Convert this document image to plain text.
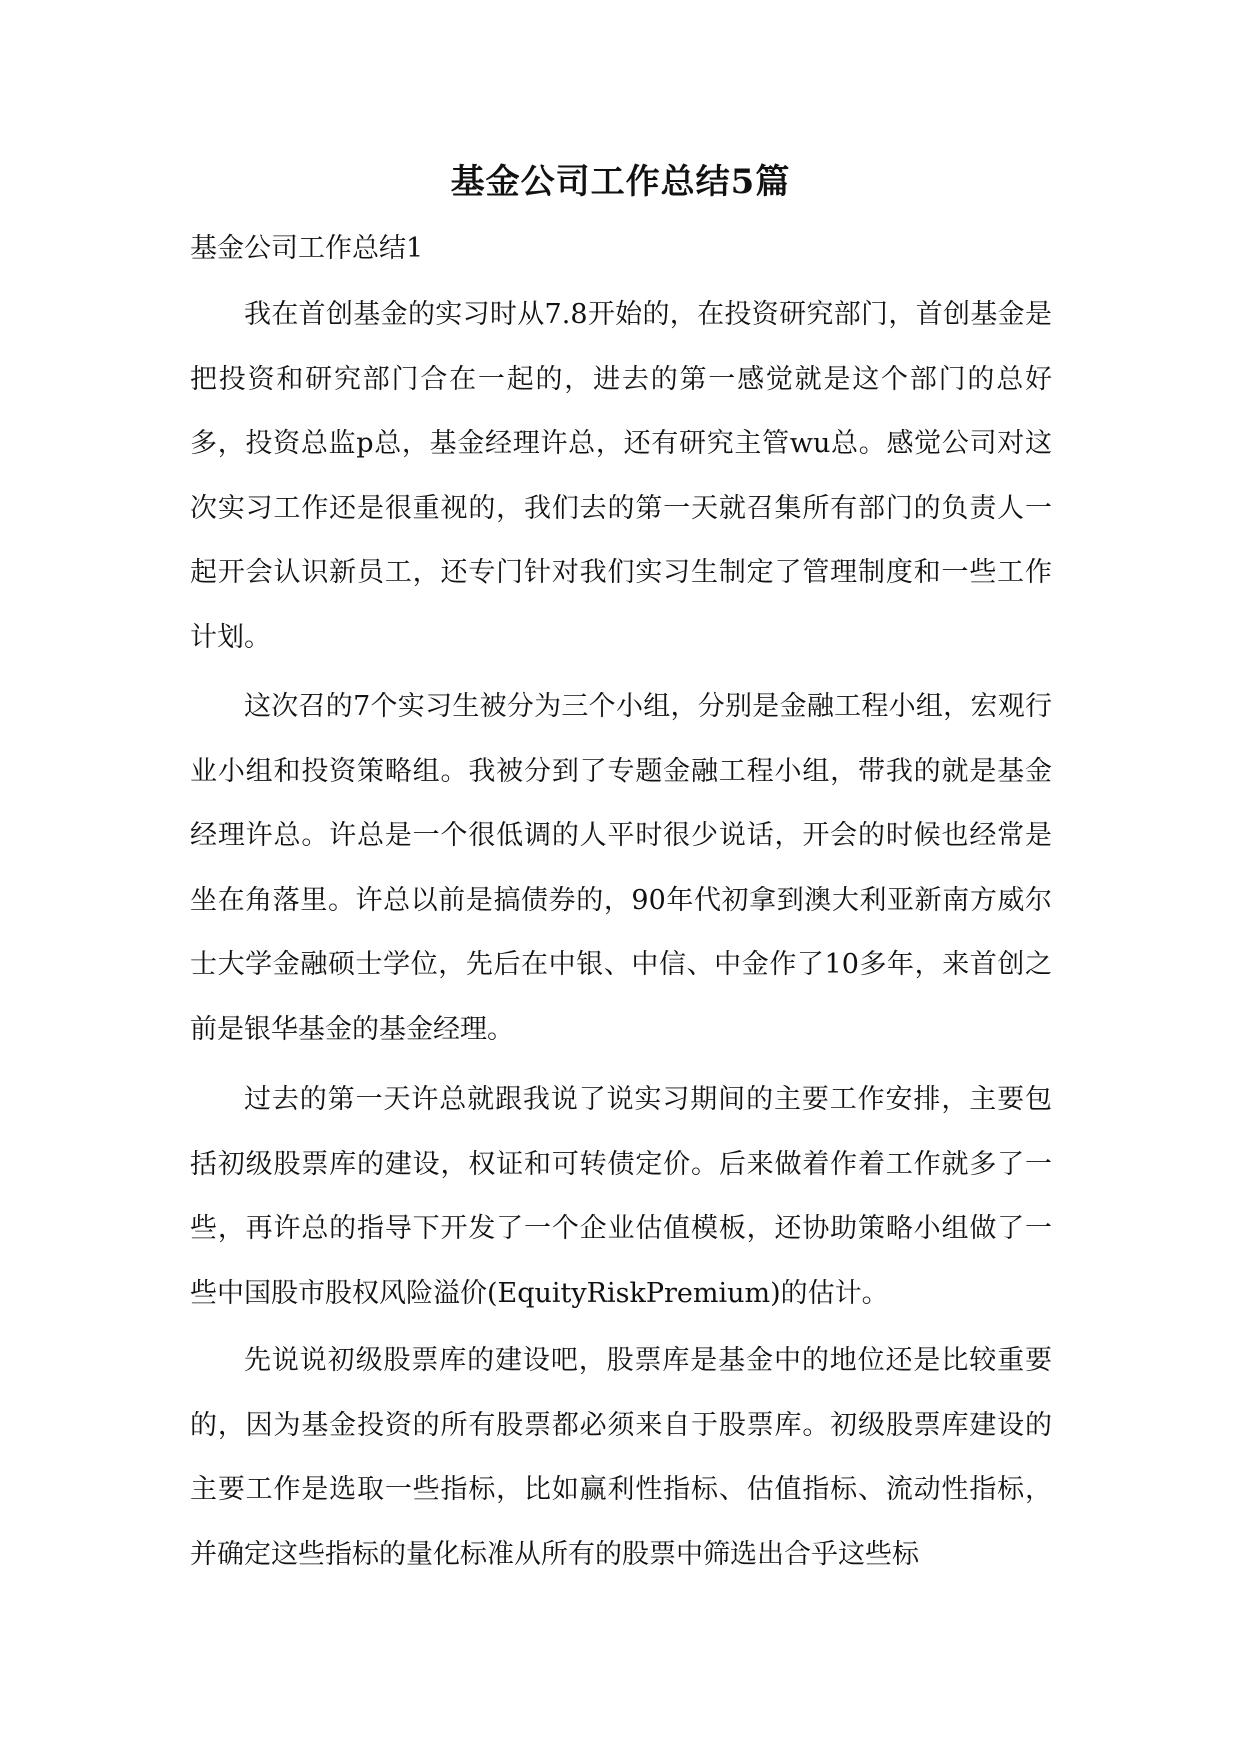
基金公司工作总结5篇

基金公司工作总结1

我在首创基金的实习时从7.8开始的，在投资研究部门，首创基金是把投资和研究部门合在一起的，进去的第一感觉就是这个部门的总好多，投资总监p总，基金经理许总，还有研究主管wu总。感觉公司对这次实习工作还是很重视的，我们去的第一天就召集所有部门的负责人一起开会认识新员工，还专门针对我们实习生制定了管理制度和一些工作计划。

这次召的7个实习生被分为三个小组，分别是金融工程小组，宏观行业小组和投资策略组。我被分到了专题金融工程小组，带我的就是基金经理许总。许总是一个很低调的人平时很少说话，开会的时候也经常是坐在角落里。许总以前是搞债券的，90年代初拿到澳大利亚新南方威尔士大学金融硕士学位，先后在中银、中信、中金作了10多年，来首创之前是银华基金的基金经理。

过去的第一天许总就跟我说了说实习期间的主要工作安排，主要包括初级股票库的建设，权证和可转债定价。后来做着作着工作就多了一些，再许总的指导下开发了一个企业估值模板，还协助策略小组做了一些中国股市股权风险溢价(EquityRiskPremium)的估计。

先说说初级股票库的建设吧，股票库是基金中的地位还是比较重要的，因为基金投资的所有股票都必须来自于股票库。初级股票库建设的主要工作是选取一些指标，比如赢利性指标、估值指标、流动性指标，并确定这些指标的量化标准从所有的股票中筛选出合乎这些标
